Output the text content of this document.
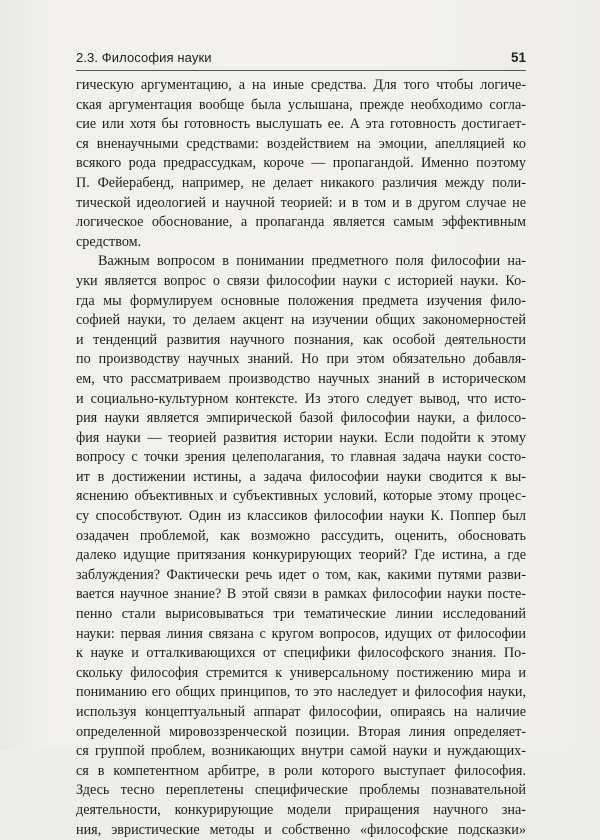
2.3. Философия науки	51
гическую аргументацию, а на иные средства. Для того чтобы логиче-
ская аргументация вообще была услышана, прежде необходимо согла-
сие или хотя бы готовность выслушать ее. А эта готовность достигает-
ся вненаучными средствами: воздействием на эмоции, апелляцией ко
всякого рода предрассудкам, короче — пропагандой. Именно поэтому
П. Фейерабенд, например, не делает никакого различия между поли-
тической идеологией и научной теорией: и в том и в другом случае не
логическое обоснование, а пропаганда является самым эффективным
средством.
Важным вопросом в понимании предметного поля философии на-
уки является вопрос о связи философии науки с историей науки. Ко-
гда мы формулируем основные положения предмета изучения фило-
софией науки, то делаем акцент на изучении общих закономерностей
и тенденций развития научного познания, как особой деятельности
по производству научных знаний. Но при этом обязательно добавля-
ем, что рассматриваем производство научных знаний в историческом
и социально-культурном контексте. Из этого следует вывод, что исто-
рия науки является эмпирической базой философии науки, а филосо-
фия науки — теорией развития истории науки. Если подойти к этому
вопросу с точки зрения целеполагания, то главная задача науки состо-
ит в достижении истины, а задача философии науки сводится к вы-
яснению объективных и субъективных условий, которые этому процес-
су способствуют. Один из классиков философии науки К. Поппер был
озадачен проблемой, как возможно рассудить, оценить, обосновать
далеко идущие притязания конкурирующих теорий? Где истина, а где
заблуждения? Фактически речь идет о том, как, какими путями разви-
вается научное знание? В этой связи в рамках философии науки посте-
пенно стали вырисовываться три тематические линии исследований
науки: первая линия связана с кругом вопросов, идущих от философии
к науке и отталкивающихся от специфики философского знания. По-
скольку философия стремится к универсальному постижению мира и
пониманию его общих принципов, то это наследует и философия науки,
используя концептуальный аппарат философии, опираясь на наличие
определенной мировоззренческой позиции. Вторая линия определяет-
ся группой проблем, возникающих внутри самой науки и нуждающих-
ся в компетентном арбитре, в роли которого выступает философия.
Здесь тесно переплетены специфические проблемы познавательной
деятельности, конкурирующие модели приращения научного зна-
ния, эвристические методы и собственно «философские подсказки»
